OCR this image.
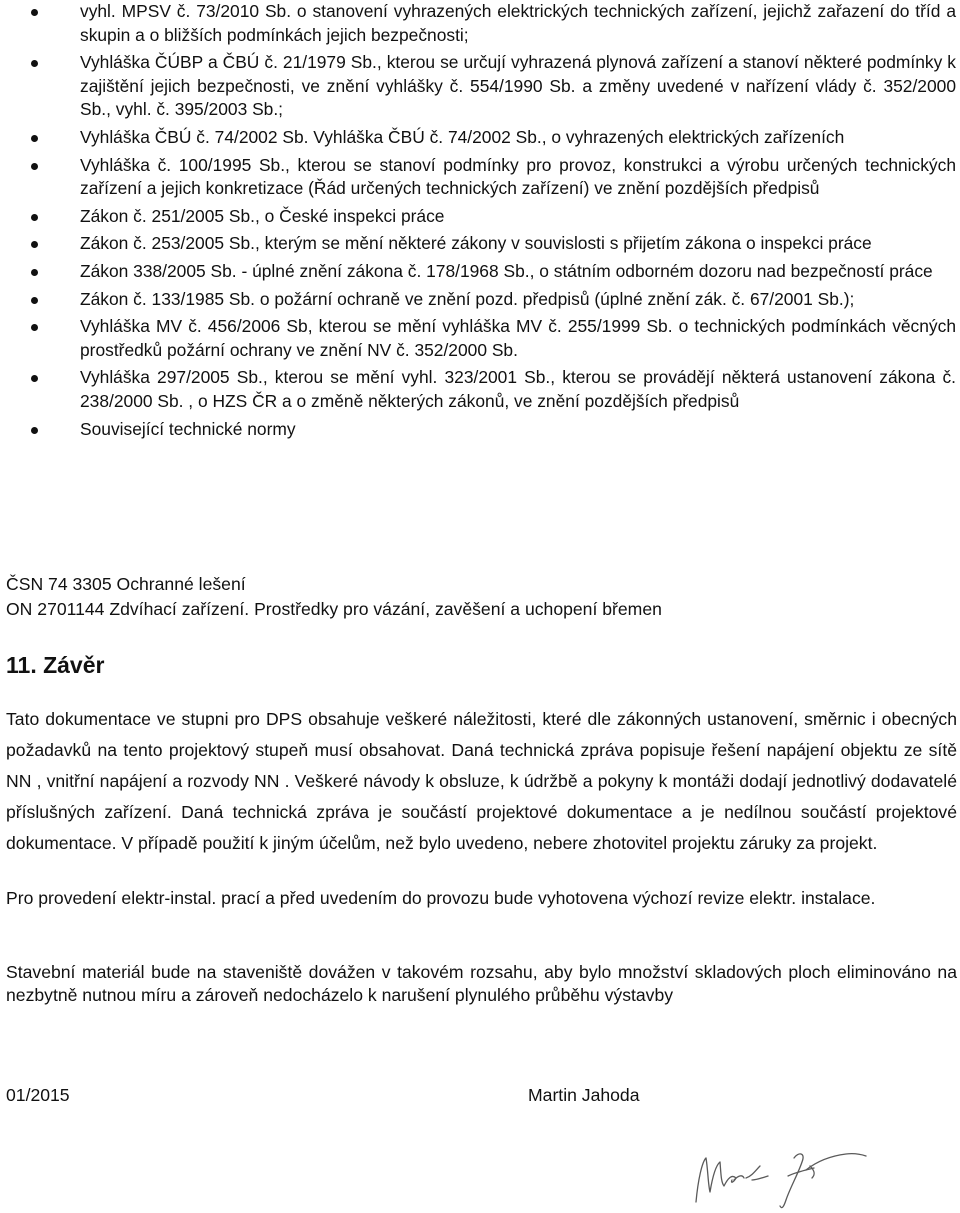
vyhl. MPSV č. 73/2010 Sb. o stanovení vyhrazených elektrických technických zařízení, jejichž zařazení do tříd a skupin a o bližších podmínkách jejich bezpečnosti;
Vyhláška ČÚBP a ČBÚ č. 21/1979 Sb., kterou se určují vyhrazená plynová zařízení a stanoví některé podmínky k zajištění jejich bezpečnosti, ve znění vyhlášky č. 554/1990 Sb. a změny uvedené v nařízení vlády č. 352/2000 Sb., vyhl. č. 395/2003 Sb.;
Vyhláška ČBÚ č. 74/2002 Sb. Vyhláška ČBÚ č. 74/2002 Sb., o vyhrazených elektrických zařízeních
Vyhláška č. 100/1995 Sb., kterou se stanoví podmínky pro provoz, konstrukci a výrobu určených technických zařízení a jejich konkretizace (Řád určených technických zařízení) ve znění pozdějších předpisů
Zákon č. 251/2005 Sb., o České inspekci práce
Zákon č. 253/2005 Sb., kterým se mění některé zákony v souvislosti s přijetím zákona o inspekci práce
Zákon 338/2005 Sb. - úplné znění zákona č. 178/1968 Sb., o státním odborném dozoru nad bezpečností práce
Zákon č. 133/1985 Sb. o požární ochraně ve znění pozd. předpisů (úplné znění zák. č. 67/2001 Sb.);
Vyhláška MV č. 456/2006 Sb, kterou se mění vyhláška MV č. 255/1999 Sb. o technických podmínkách věcných prostředků požární ochrany ve znění NV č. 352/2000 Sb.
Vyhláška 297/2005 Sb., kterou se mění vyhl. 323/2001 Sb., kterou se provádějí některá ustanovení zákona č. 238/2000 Sb. , o HZS ČR a o změně některých zákonů, ve znění pozdějších předpisů
Související technické normy
ČSN 74 3305 Ochranné lešení
ON 2701144 Zdvíhací zařízení. Prostředky pro vázání, zavěšení a uchopení břemen
11. Závěr

Tato dokumentace ve stupni pro DPS obsahuje veškeré náležitosti, které dle zákonných ustanovení, směrnic i obecných požadavků na tento projektový stupeň musí obsahovat. Daná technická zpráva popisuje řešení napájení objektu ze sítě NN , vnitřní napájení a rozvody NN . Veškeré návody k obsluze, k údržbě a pokyny k montáži dodají jednotlivý dodavatelé příslušných zařízení. Daná technická zpráva je součástí projektové dokumentace a je nedílnou součástí projektové dokumentace. V případě použití k jiným účelům, než bylo uvedeno, nebere zhotovitel projektu záruky za projekt.

Pro provedení elektr-instal. prací a před uvedením do provozu bude vyhotovena výchozí revize elektr. instalace.

Stavební materiál bude na staveniště dovážen v takovém rozsahu, aby bylo množství skladových ploch eliminováno na nezbytně nutnou míru a zároveň nedocházelo k narušení plynulého průběhu výstavby

01/2015	Martin Jahoda
